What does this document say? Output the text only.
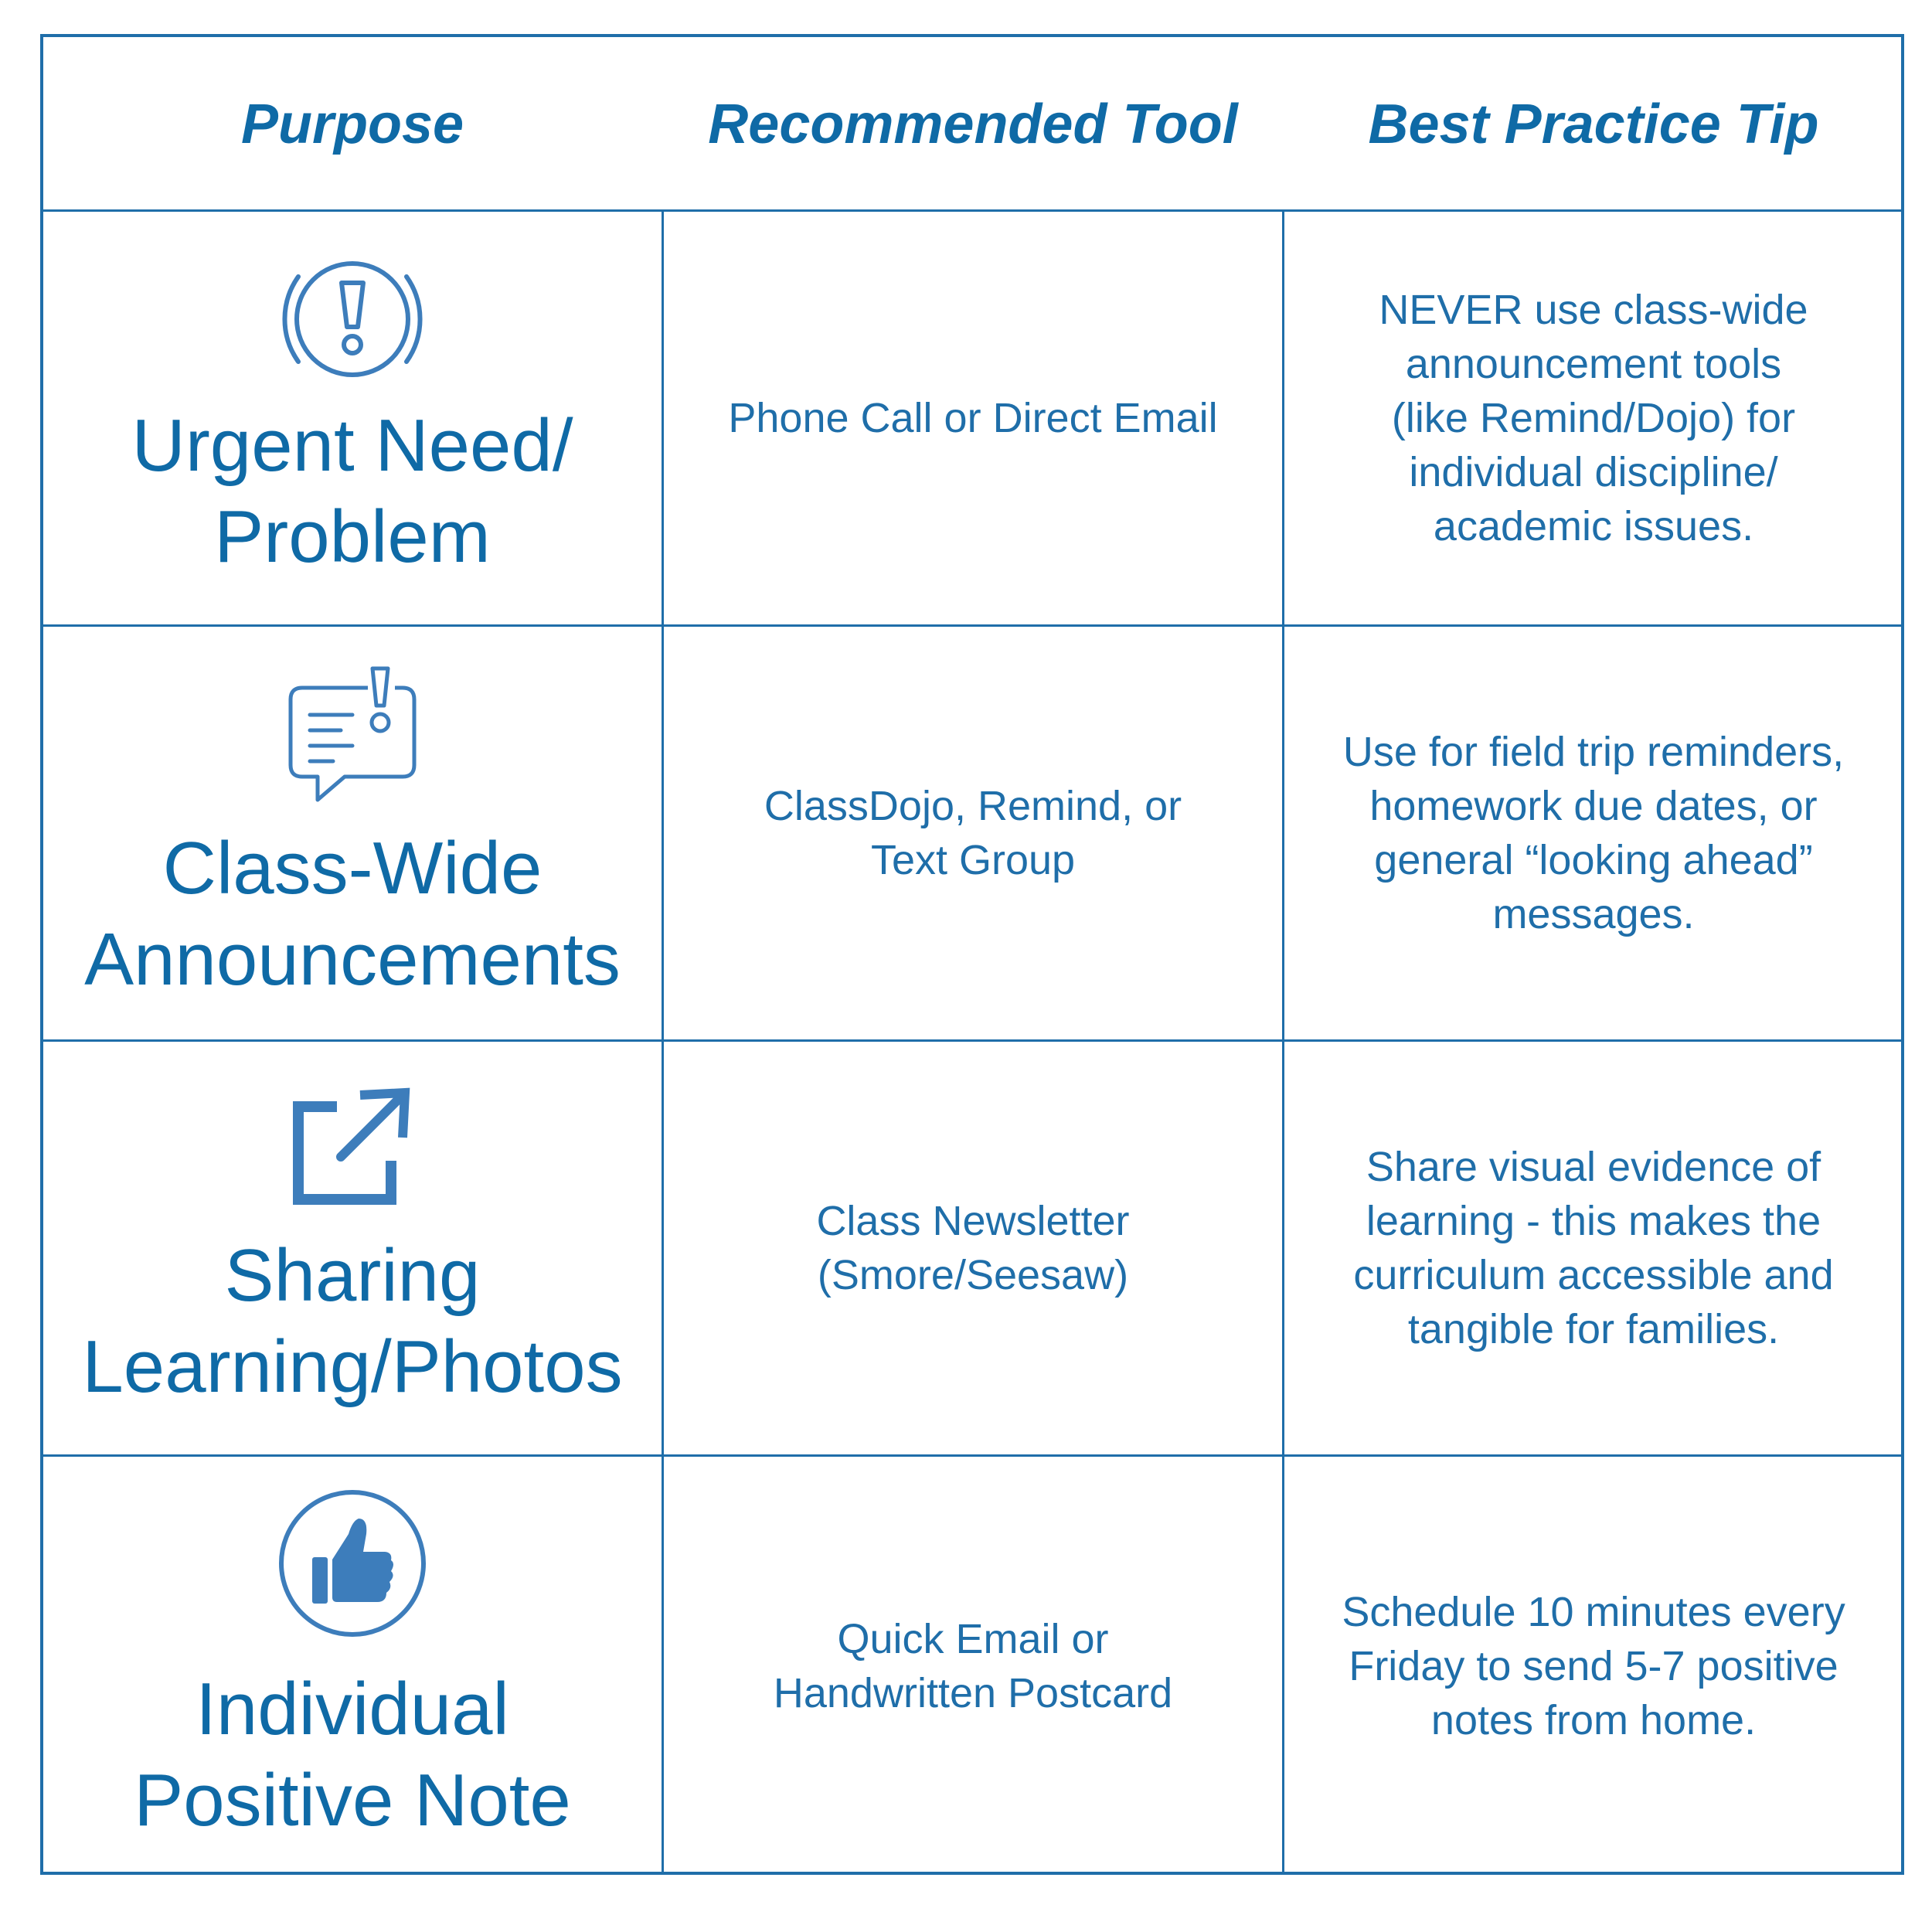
Purpose	Recommended Tool	Best Practice Tip
Urgent Need/
Problem
Phone Call or Direct Email
NEVER use class-wide
announcement tools
(like Remind/Dojo) for
individual discipline/
academic issues.
Class-Wide
Announcements
ClassDojo, Remind, or
Text Group
Use for field trip reminders,
homework due dates, or
general “looking ahead”
messages.
Sharing
Learning/Photos
Class Newsletter
(Smore/Seesaw)
Share visual evidence of
learning - this makes the
curriculum accessible and
tangible for families.
Individual
Positive Note
Quick Email or
Handwritten Postcard
Schedule 10 minutes every
Friday to send 5-7 positive
notes from home.
